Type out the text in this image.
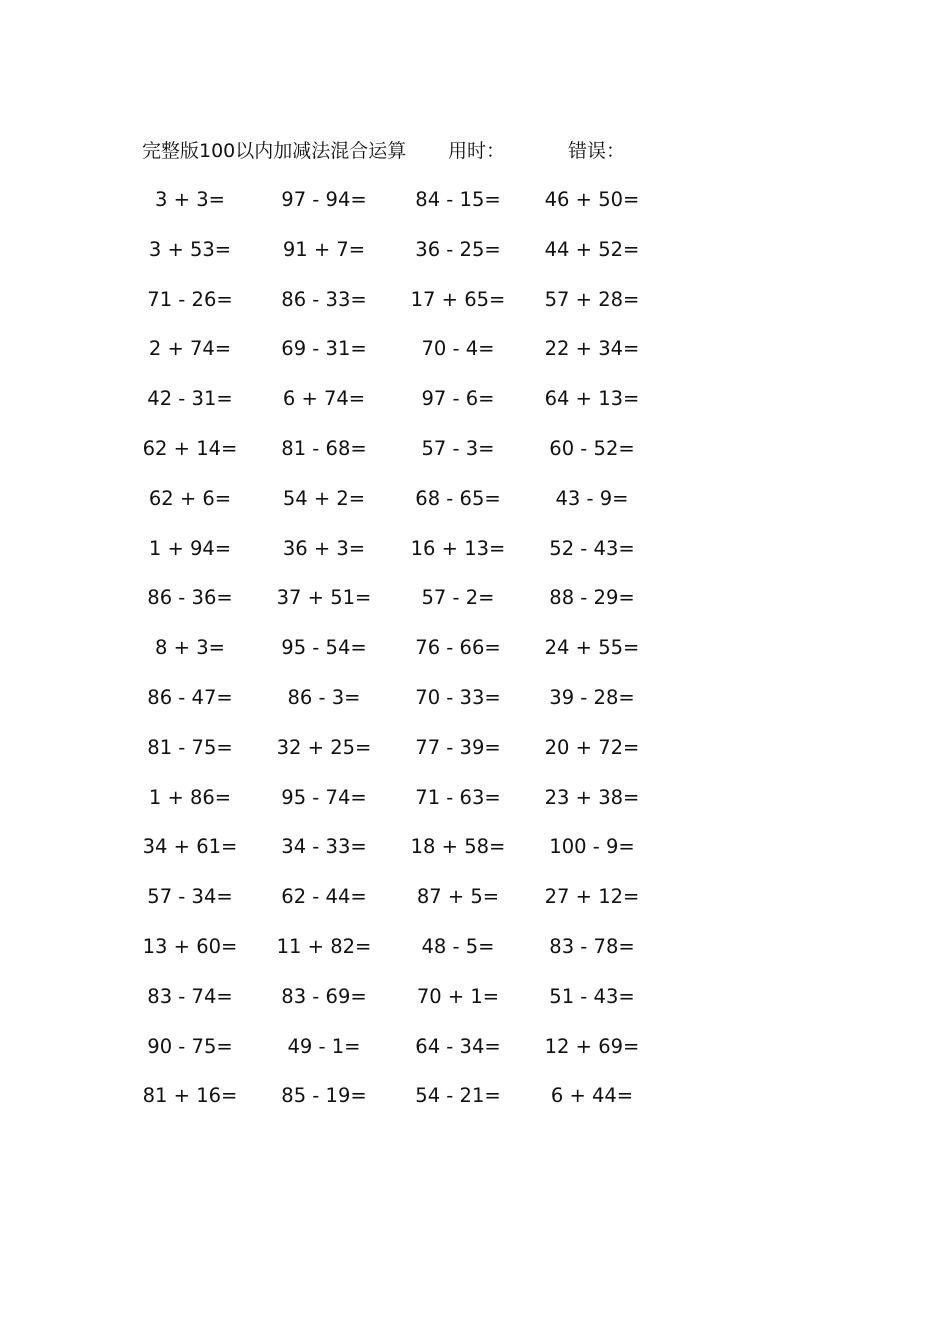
完整版100以内加减法混合运算 用时：	错误：
3 + 3=	97 - 94=	84 - 15=	46 + 50=
3 + 53=	91 + 7=	36 - 25=	44 + 52=
71 - 26=	86 - 33=	17 + 65=	57 + 28=
2 + 74=	69 - 31=	70 - 4=	22 + 34=
42 - 31=	6 + 74=	97 - 6=	64 + 13=
62 + 14=	81 - 68=	57 - 3=	60 - 52=
62 + 6=	54 + 2=	68 - 65=	43 - 9=
1 + 94=	36 + 3=	16 + 13=	52 - 43=
86 - 36=	37 + 51=	57 - 2=	88 - 29=
8 + 3=	95 - 54=	76 - 66=	24 + 55=
86 - 47=	86 - 3=	70 - 33=	39 - 28=
81 - 75=	32 + 25=	77 - 39=	20 + 72=
1 + 86=	95 - 74=	71 - 63=	23 + 38=
34 + 61=	34 - 33=	18 + 58=	100 - 9=
57 - 34=	62 - 44=	87 + 5=	27 + 12=
13 + 60=	11 + 82=	48 - 5=	83 - 78=
83 - 74=	83 - 69=	70 + 1=	51 - 43=
90 - 75=	49 - 1=	64 - 34=	12 + 69=
81 + 16=	85 - 19=	54 - 21=	6 + 44=
